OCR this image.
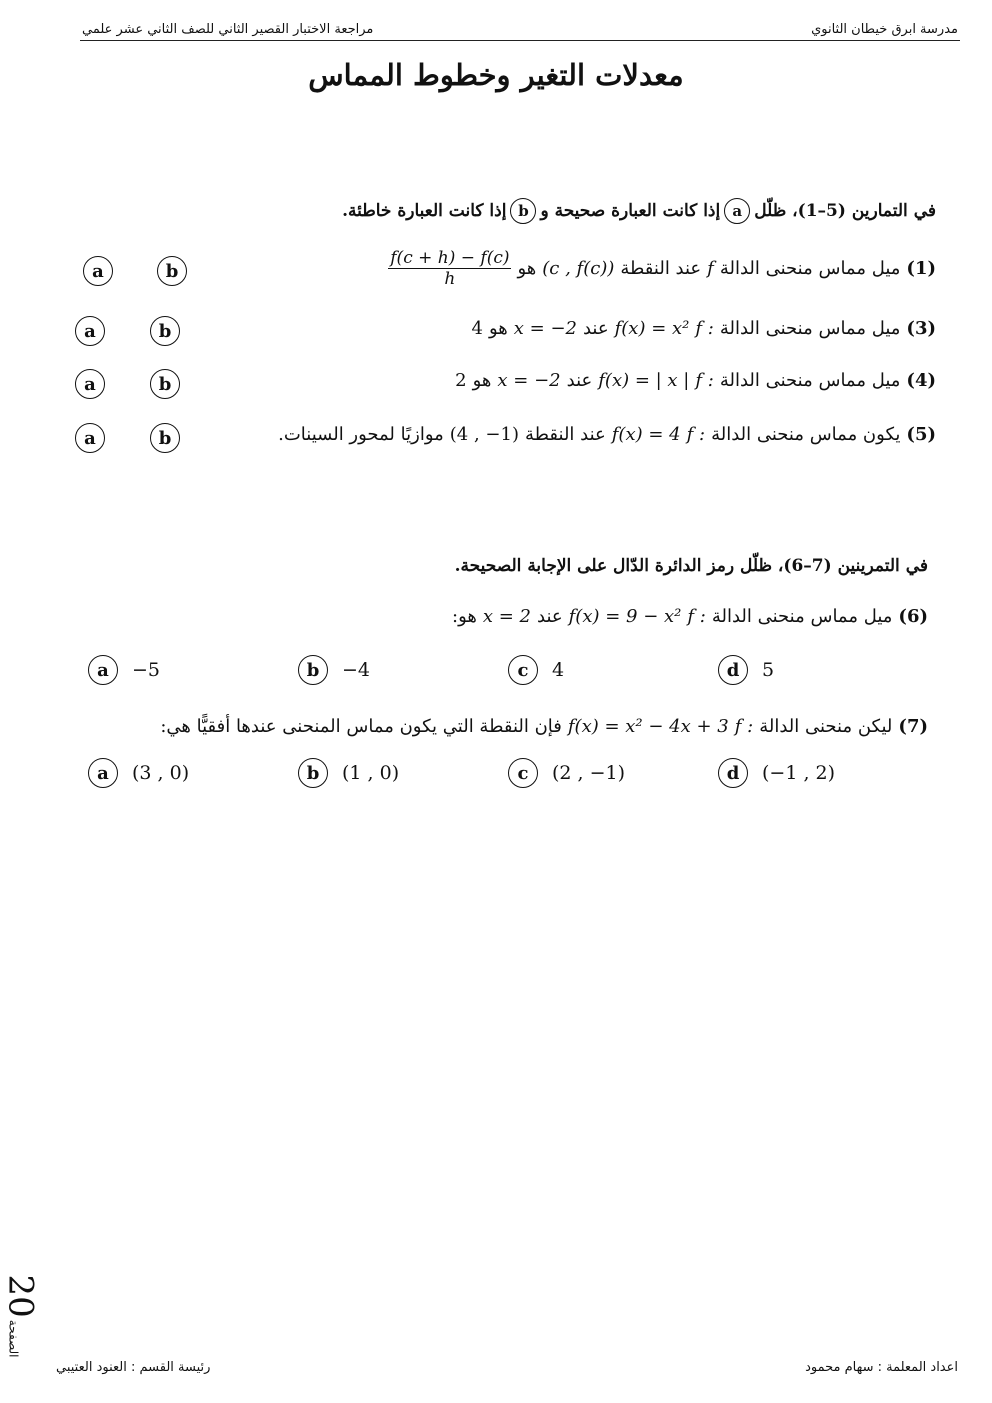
مدرسة ابرق خيطان الثانوي
مراجعة الاختبار القصير الثاني للصف الثاني عشر علمي
معدلات التغير وخطوط المماس
في التمارين (5–1)، ظلّل
a
إذا كانت العبارة صحيحة و
b
إذا كانت العبارة خاطئة.
(1)
ميل مماس منحنى الدالة
f
عند النقطة
(c , f(c))
هو
$\frac{f(c + h) - f(c)}{h}$
b
a
(3)
ميل مماس منحنى الدالة
f :
f(x) = x²
عند
x = −2
هو
4
b
a
(4)
ميل مماس منحنى الدالة
f :
f(x) = | x |
عند
x = −2
هو
2
b
a
(5)
يكون مماس منحنى الدالة
f :
f(x) = 4
عند النقطة
(4 , −1)
موازيًا لمحور السينات.
b
a
في التمرينين (7–6)، ظلّل رمز الدائرة الدّال على الإجابة الصحيحة.
(6)
ميل مماس منحنى الدالة
f :
f(x) = 9 − x²
عند
x = 2
هو:
a	−5	b	−4	c	4	d	5
(7)
ليكن منحنى الدالة
f :
f(x) = x² − 4x + 3
فإن النقطة التي يكون مماس المنحنى عندها أفقيًّا هي:
a	(3 , 0)	b	(1 , 0)	c	(2 , −1)	d	(−1 , 2)
الصفحة
20
اعداد المعلمة : سهام محمود
رئيسة القسم : العنود العتيبي
